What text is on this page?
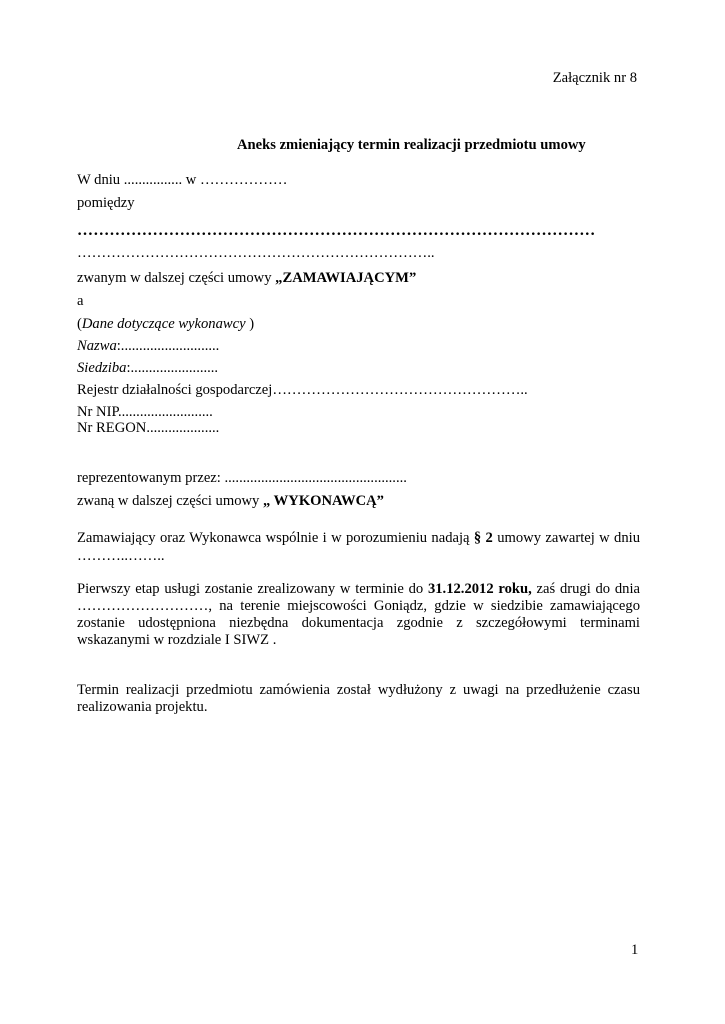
Załącznik nr 8
Aneks zmieniający termin realizacji przedmiotu umowy
W dniu ................ w ………………
pomiędzy
……………………………………………………………………………………
………………………………………………………………..
zwanym w dalszej części umowy „ZAMAWIAJĄCYM”
a
(Dane dotyczące wykonawcy )
Nazwa:...........................
Siedziba:........................
Rejestr działalności gospodarczej……………………………………………..
Nr NIP..........................
Nr REGON....................
reprezentowanym przez: ..................................................
zwaną w dalszej części umowy „ WYKONAWCĄ”
Zamawiający oraz Wykonawca wspólnie i w porozumieniu nadają § 2 umowy zawartej w dniu
………..……..
Pierwszy etap usługi zostanie zrealizowany w terminie do 31.12.2012 roku, zaś drugi do dnia
………………………, na terenie miejscowości Goniądz, gdzie w siedzibie zamawiającego
zostanie udostępniona niezbędna dokumentacja zgodnie z szczegółowymi terminami
wskazanymi w rozdziale I SIWZ .
Termin realizacji przedmiotu zamówienia został wydłużony z uwagi na przedłużenie czasu
realizowania projektu.
1
